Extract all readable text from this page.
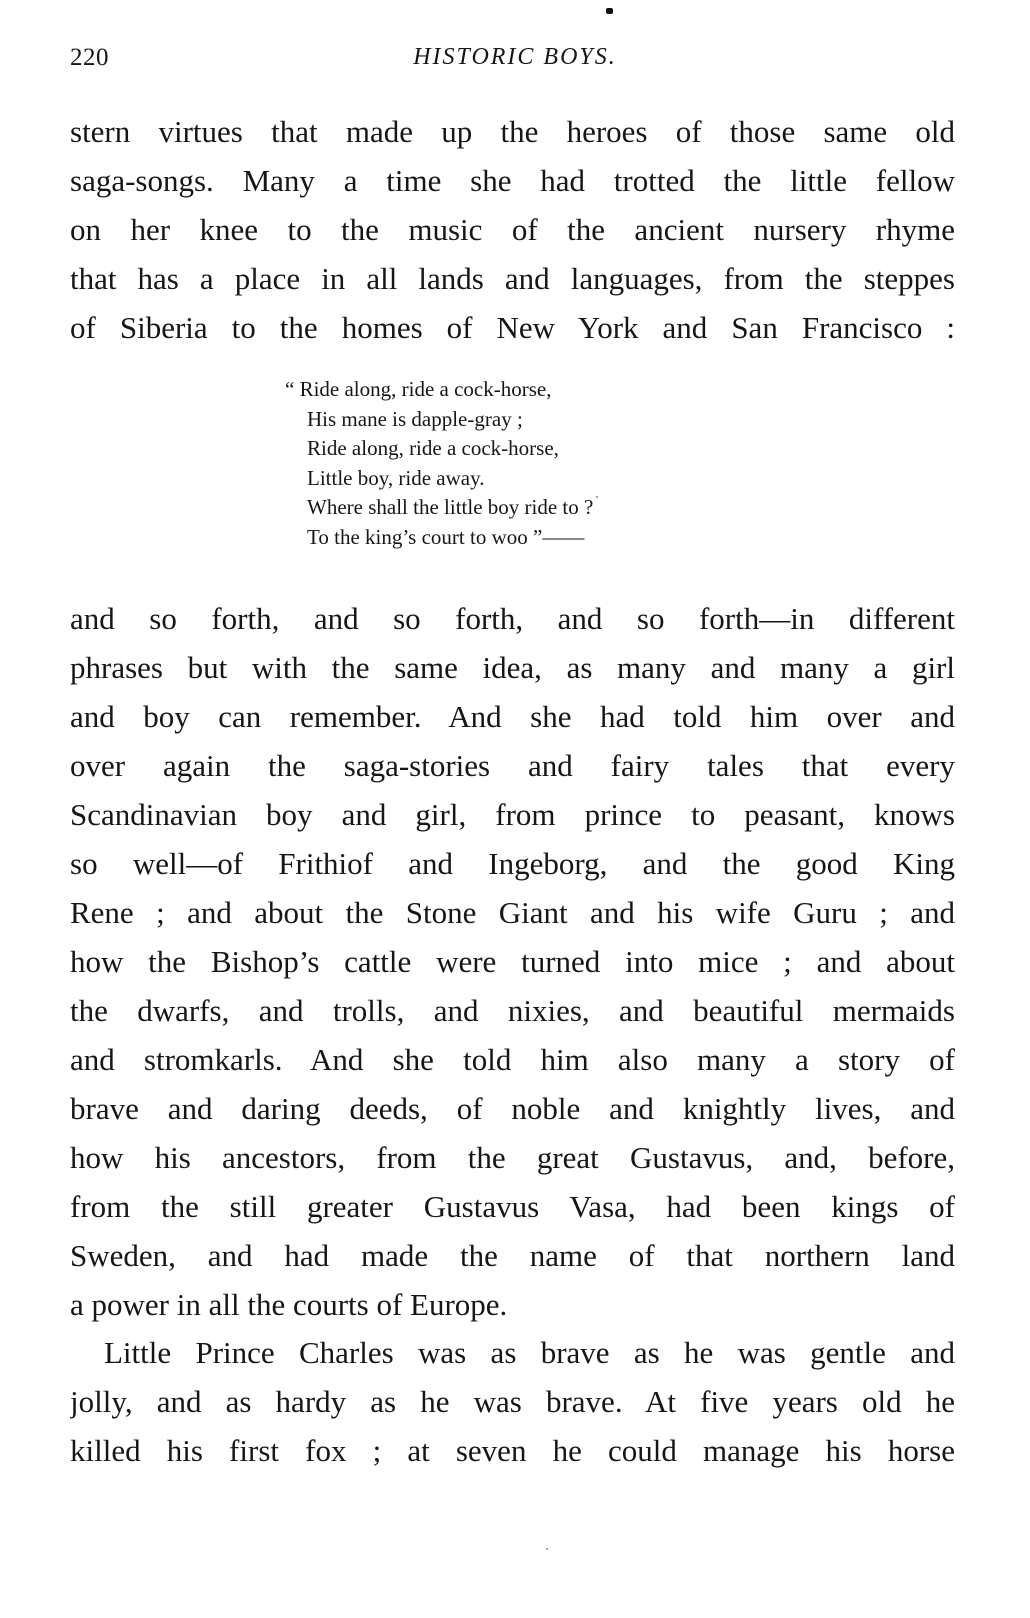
220	HISTORIC BOYS.
stern virtues that made up the heroes of those same old
saga-songs. Many a time she had trotted the little fellow
on her knee to the music of the ancient nursery rhyme
that has a place in all lands and languages, from the steppes
of Siberia to the homes of New York and San Francisco :
“ Ride along, ride a cock-horse,
His mane is dapple-gray ;
Ride along, ride a cock-horse,
Little boy, ride away.
Where shall the little boy ride to ?
To the king’s court to woo ”——
and so forth, and so forth, and so forth—in different
phrases but with the same idea, as many and many a girl
and boy can remember. And she had told him over and
over again the saga-stories and fairy tales that every
Scandinavian boy and girl, from prince to peasant, knows
so well—of Frithiof and Ingeborg, and the good King
Rene ; and about the Stone Giant and his wife Guru ; and
how the Bishop’s cattle were turned into mice ; and about
the dwarfs, and trolls, and nixies, and beautiful mermaids
and stromkarls. And she told him also many a story of
brave and daring deeds, of noble and knightly lives, and
how his ancestors, from the great Gustavus, and, before,
from the still greater Gustavus Vasa, had been kings of
Sweden, and had made the name of that northern land
a power in all the courts of Europe.
Little Prince Charles was as brave as he was gentle and
jolly, and as hardy as he was brave. At five years old he
killed his first fox ; at seven he could manage his horse
